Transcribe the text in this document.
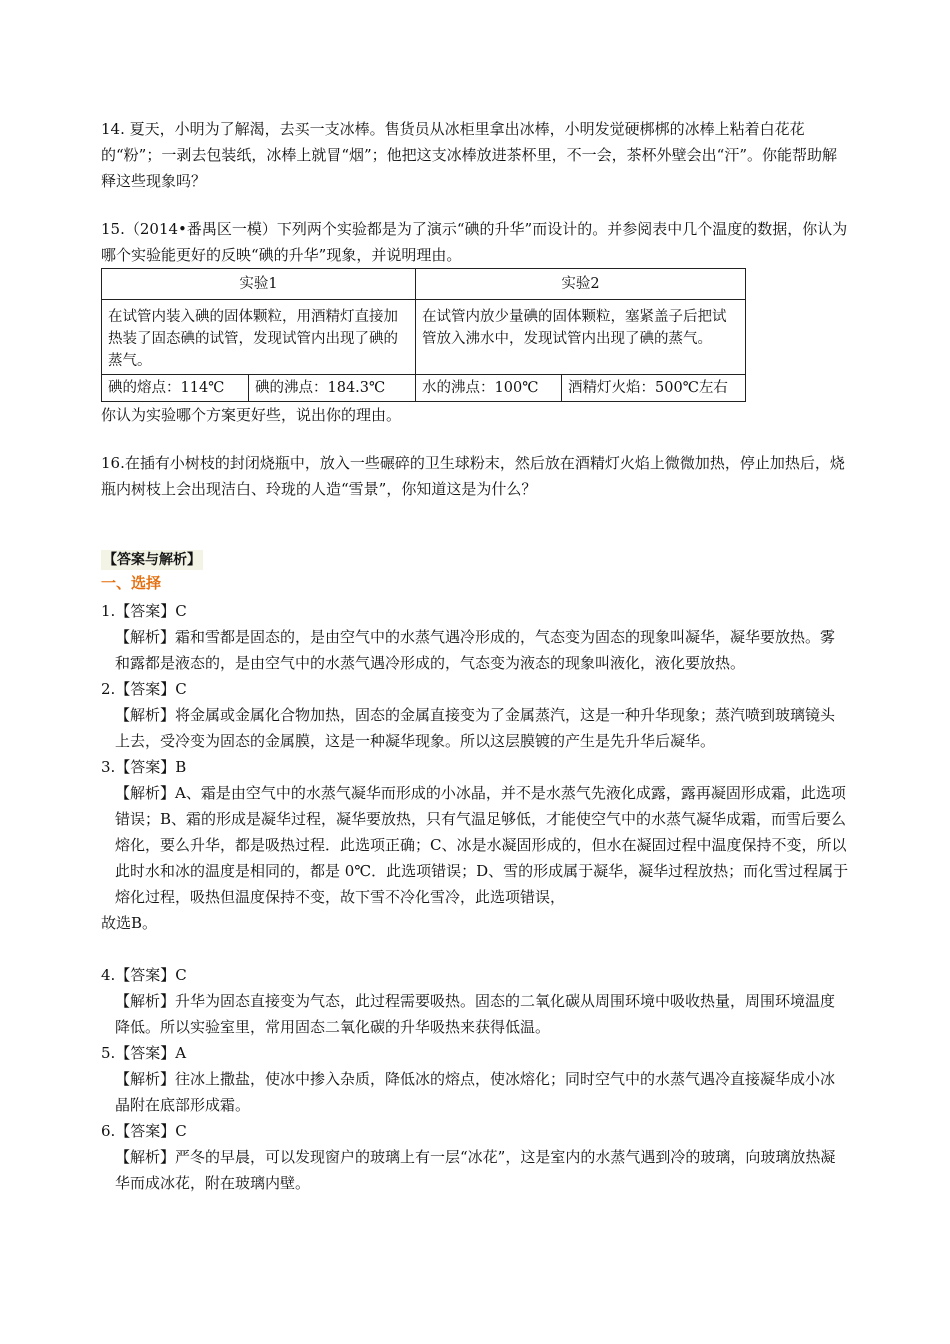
14. 夏天，小明为了解渴，去买一支冰棒。售货员从冰柜里拿出冰棒，小明发觉硬梆梆的冰棒上粘着白花花的“粉”；一剥去包装纸，冰棒上就冒“烟”；他把这支冰棒放进茶杯里，不一会，茶杯外壁会出“汗”。你能帮助解释这些现象吗？

15.（2014•番禺区一模）下列两个实验都是为了演示“碘的升华”而设计的。并参阅表中几个温度的数据，你认为哪个实验能更好的反映“碘的升华”现象，并说明理由。

实验1		实验2	
在试管内装入碘的固体颗粒，用酒精灯直接加热装了固态碘的试管，发现试管内出现了碘的蒸气。		在试管内放少量碘的固体颗粒，塞紧盖子后把试管放入沸水中，发现试管内出现了碘的蒸气。	
碘的熔点：114℃	碘的沸点：184.3℃	水的沸点：100℃	酒精灯火焰：500℃左右

你认为实验哪个方案更好些，说出你的理由。

16.在插有小树枝的封闭烧瓶中，放入一些碾碎的卫生球粉末，然后放在酒精灯火焰上微微加热，停止加热后，烧瓶内树枝上会出现洁白、玲珑的人造“雪景”，你知道这是为什么？

【答案与解析】
一、选择

1.【答案】C

【解析】霜和雪都是固态的，是由空气中的水蒸气遇冷形成的，气态变为固态的现象叫凝华，凝华要放热。雾和露都是液态的，是由空气中的水蒸气遇冷形成的，气态变为液态的现象叫液化，液化要放热。

2.【答案】C

【解析】将金属或金属化合物加热，固态的金属直接变为了金属蒸汽，这是一种升华现象；蒸汽喷到玻璃镜头上去，受冷变为固态的金属膜，这是一种凝华现象。所以这层膜镀的产生是先升华后凝华。

3.【答案】B

【解析】A、霜是由空气中的水蒸气凝华而形成的小冰晶，并不是水蒸气先液化成露，露再凝固形成霜，此选项错误；B、霜的形成是凝华过程，凝华要放热，只有气温足够低，才能使空气中的水蒸气凝华成霜，而雪后要么熔化，要么升华，都是吸热过程．此选项正确；C、冰是水凝固形成的，但水在凝固过程中温度保持不变，所以此时水和冰的温度是相同的，都是 0℃．此选项错误；D、雪的形成属于凝华，凝华过程放热；而化雪过程属于熔化过程，吸热但温度保持不变，故下雪不冷化雪冷，此选项错误，

故选B。

4.【答案】C

【解析】升华为固态直接变为气态，此过程需要吸热。固态的二氧化碳从周围环境中吸收热量，周围环境温度降低。所以实验室里，常用固态二氧化碳的升华吸热来获得低温。

5.【答案】A

【解析】往冰上撒盐，使冰中掺入杂质，降低冰的熔点，使冰熔化；同时空气中的水蒸气遇冷直接凝华成小冰晶附在底部形成霜。

6.【答案】C

【解析】严冬的早晨，可以发现窗户的玻璃上有一层“冰花”，这是室内的水蒸气遇到冷的玻璃，向玻璃放热凝华而成冰花，附在玻璃内壁。
